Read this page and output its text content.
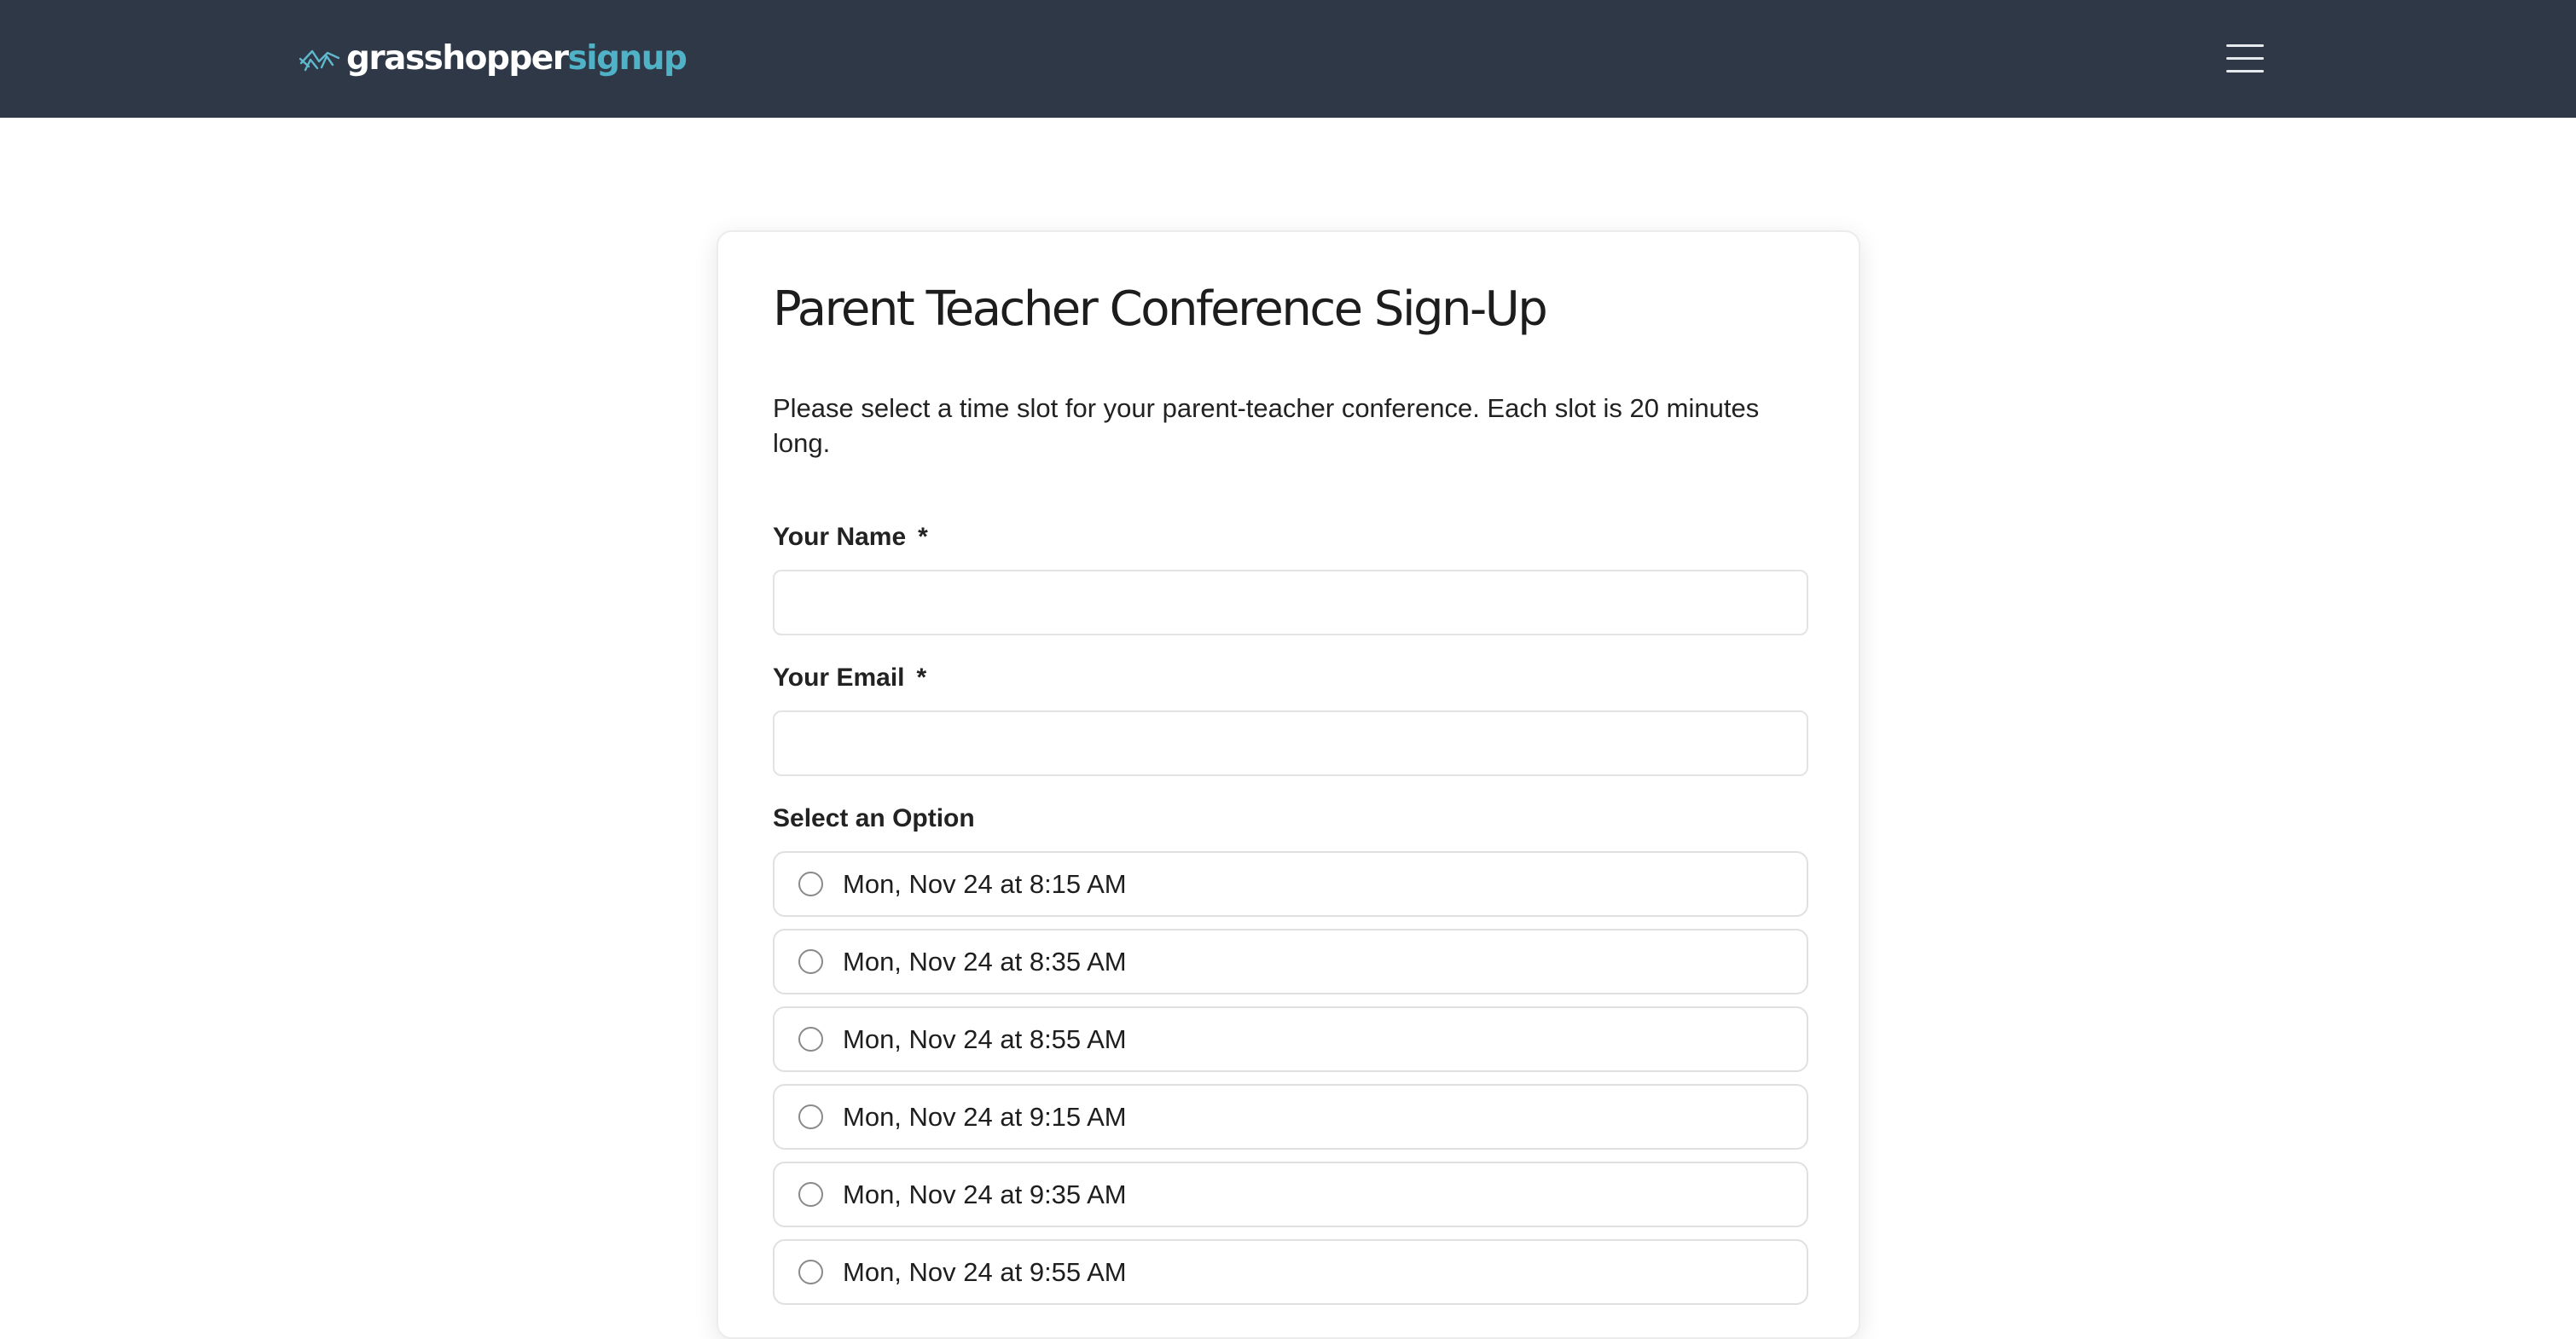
grasshoppersignup
Parent Teacher Conference Sign-Up

Please select a time slot for your parent-teacher conference. Each slot is 20 minutes long.

Your Name *
Your Email *
Select an Option
Mon, Nov 24 at 8:15 AM
Mon, Nov 24 at 8:35 AM
Mon, Nov 24 at 8:55 AM
Mon, Nov 24 at 9:15 AM
Mon, Nov 24 at 9:35 AM
Mon, Nov 24 at 9:55 AM
